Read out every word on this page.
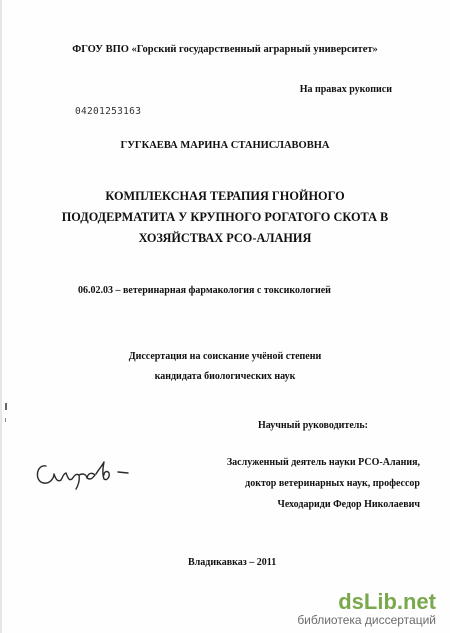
ФГОУ ВПО «Горский государственный аграрный университет»
На правах рукописи
04201253163
ГУГКАЕВА МАРИНА СТАНИСЛАВОВНА
КОМПЛЕКСНАЯ ТЕРАПИЯ ГНОЙНОГО
ПОДОДЕРМАТИТА У КРУПНОГО РОГАТОГО СКОТА В
ХОЗЯЙСТВАХ РСО-АЛАНИЯ
06.02.03 – ветеринарная фармакология с токсикологией
Диссертация на соискание учёной степени
кандидата биологических наук
Научный руководитель:
Заслуженный деятель науки РСО-Алания,
доктор ветеринарных наук, профессор
Чеходариди Федор Николаевич
Владикавказ – 2011
dsLib.net
библиотека диссертаций
